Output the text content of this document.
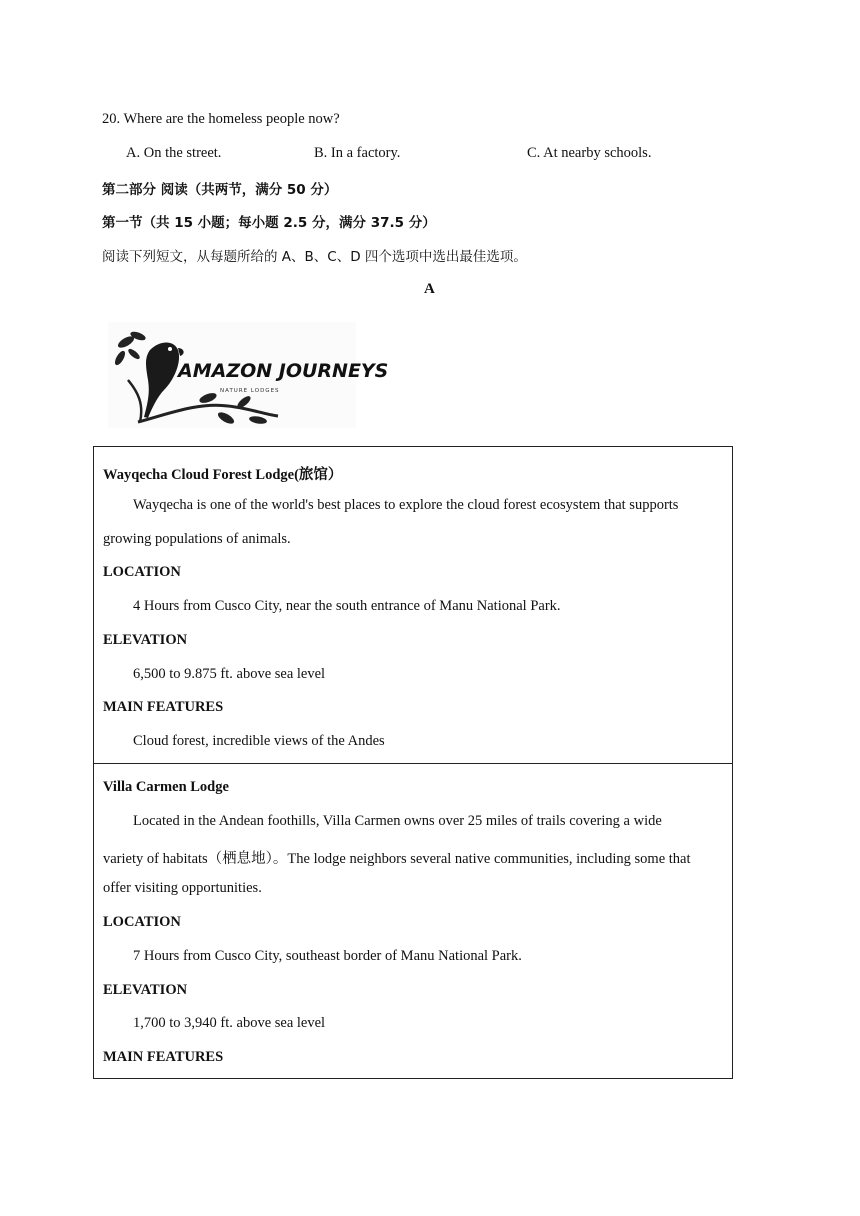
20. Where are the homeless people now?
A. On the street.	B. In a factory.	C. At nearby schools.
第二部分 阅读（共两节，满分 50 分）
第一节（共 15 小题；每小题 2.5 分，满分 37.5 分）
阅读下列短文，从每题所给的 A、B、C、D 四个选项中选出最佳选项。
A
AMAZON JOURNEYS
NATURE LODGES
Wayqecha Cloud Forest Lodge(旅馆）
Wayqecha is one of the world's best places to explore the cloud forest ecosystem that supports
growing populations of animals.
LOCATION
4 Hours from Cusco City, near the south entrance of Manu National Park.
ELEVATION
6,500 to 9.875 ft. above sea level
MAIN FEATURES
Cloud forest, incredible views of the Andes
Villa Carmen Lodge
Located in the Andean foothills, Villa Carmen owns over 25 miles of trails covering a wide
variety of habitats（栖息地）。The lodge neighbors several native communities, including some that
offer visiting opportunities.
LOCATION
7 Hours from Cusco City, southeast border of Manu National Park.
ELEVATION
1,700 to 3,940 ft. above sea level
MAIN FEATURES
